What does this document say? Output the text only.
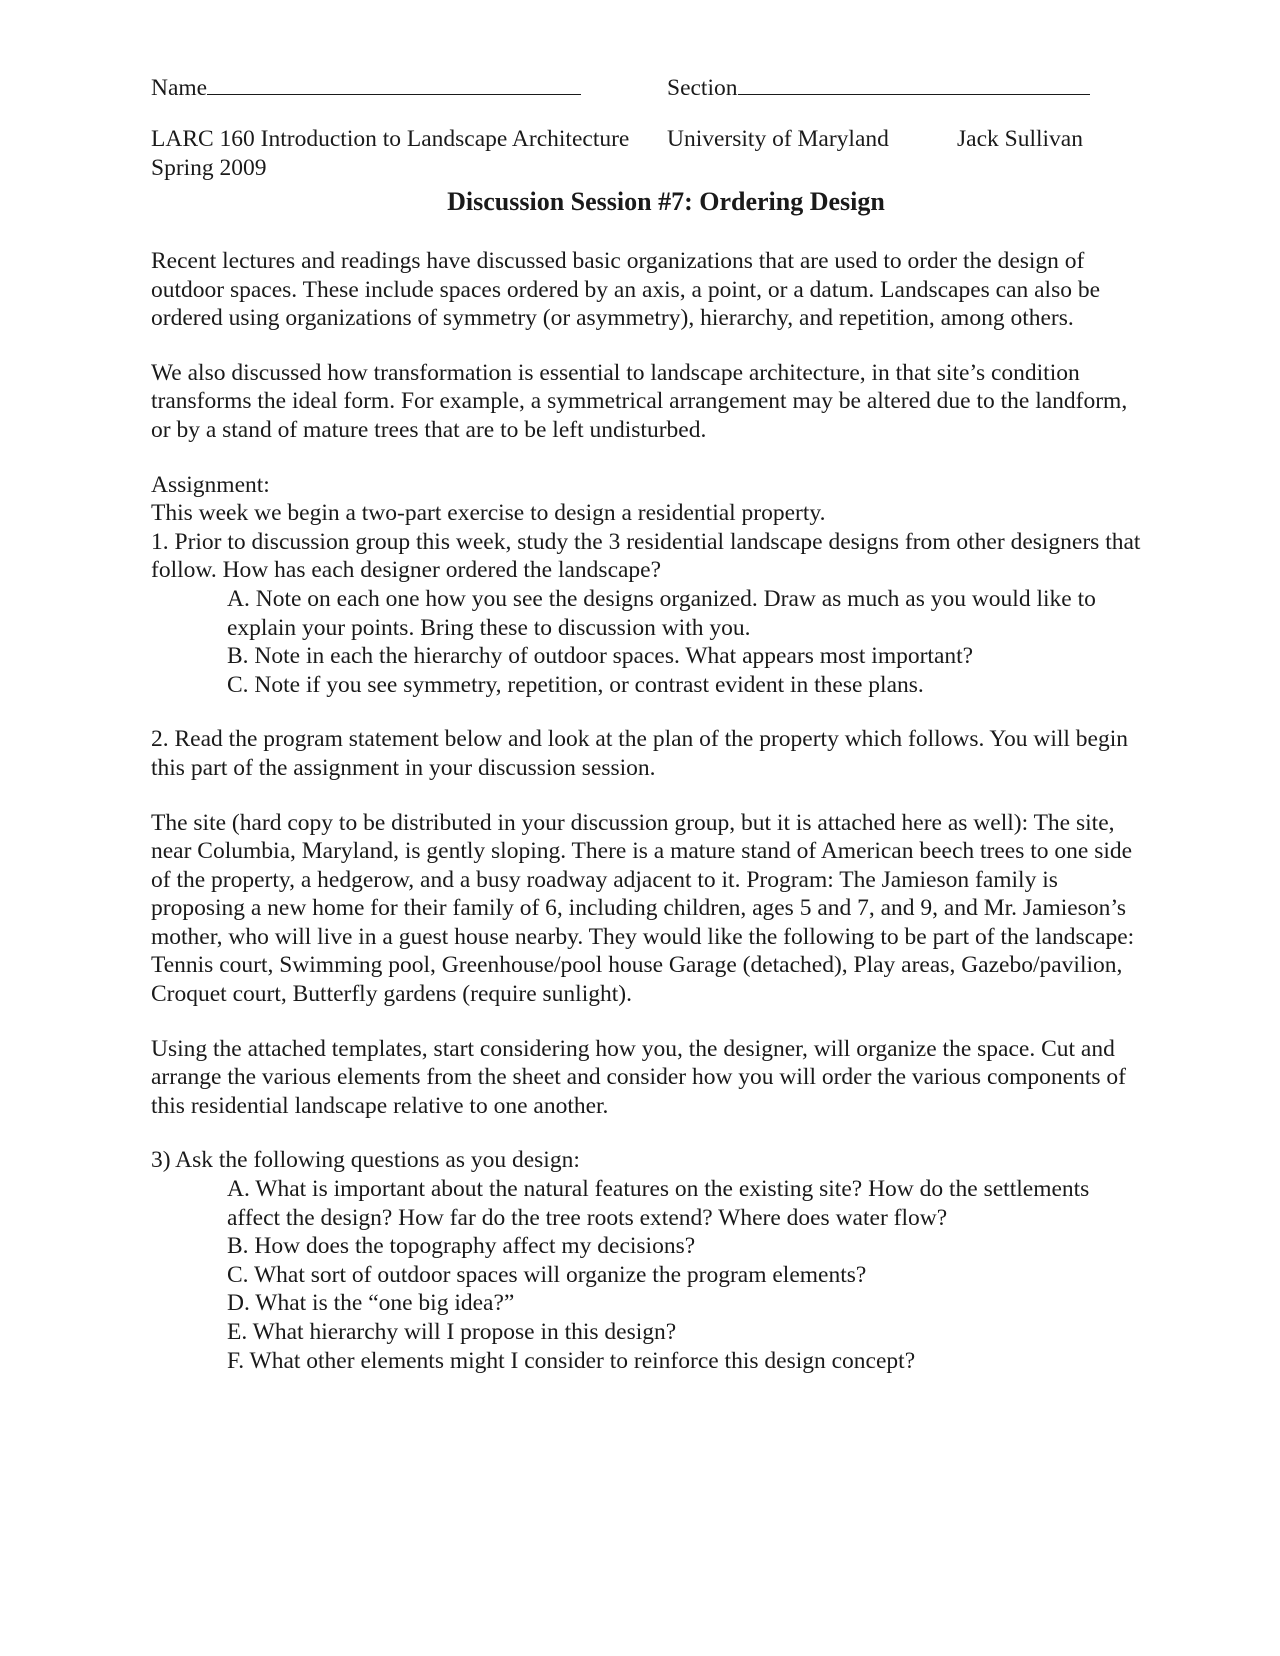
Name	Section
LARC 160 Introduction to Landscape Architecture University of Maryland	Jack Sullivan
Spring 2009
Discussion Session #7: Ordering Design

Recent lectures and readings have discussed basic organizations that are used to order the design of outdoor spaces. These include spaces ordered by an axis, a point, or a datum. Landscapes can also be ordered using organizations of symmetry (or asymmetry), hierarchy, and repetition, among others.

We also discussed how transformation is essential to landscape architecture, in that site’s condition transforms the ideal form. For example, a symmetrical arrangement may be altered due to the landform, or by a stand of mature trees that are to be left undisturbed.

Assignment:

This week we begin a two-part exercise to design a residential property.

1. Prior to discussion group this week, study the 3 residential landscape designs from other designers that follow. How has each designer ordered the landscape?

A. Note on each one how you see the designs organized. Draw as much as you would like to explain your points. Bring these to discussion with you.

B. Note in each the hierarchy of outdoor spaces. What appears most important?

C. Note if you see symmetry, repetition, or contrast evident in these plans.

2. Read the program statement below and look at the plan of the property which follows. You will begin this part of the assignment in your discussion session.

The site (hard copy to be distributed in your discussion group, but it is attached here as well): The site, near Columbia, Maryland, is gently sloping. There is a mature stand of American beech trees to one side of the property, a hedgerow, and a busy roadway adjacent to it. Program: The Jamieson family is proposing a new home for their family of 6, including children, ages 5 and 7, and 9, and Mr. Jamieson’s mother, who will live in a guest house nearby. They would like the following to be part of the landscape: Tennis court, Swimming pool, Greenhouse/pool house Garage (detached), Play areas, Gazebo/pavilion, Croquet court, Butterfly gardens (require sunlight).

Using the attached templates, start considering how you, the designer, will organize the space. Cut and arrange the various elements from the sheet and consider how you will order the various components of this residential landscape relative to one another.

3) Ask the following questions as you design:

A. What is important about the natural features on the existing site? How do the settlements affect the design? How far do the tree roots extend? Where does water flow?

B. How does the topography affect my decisions?

C. What sort of outdoor spaces will organize the program elements?

D. What is the “one big idea?”

E. What hierarchy will I propose in this design?

F. What other elements might I consider to reinforce this design concept?
